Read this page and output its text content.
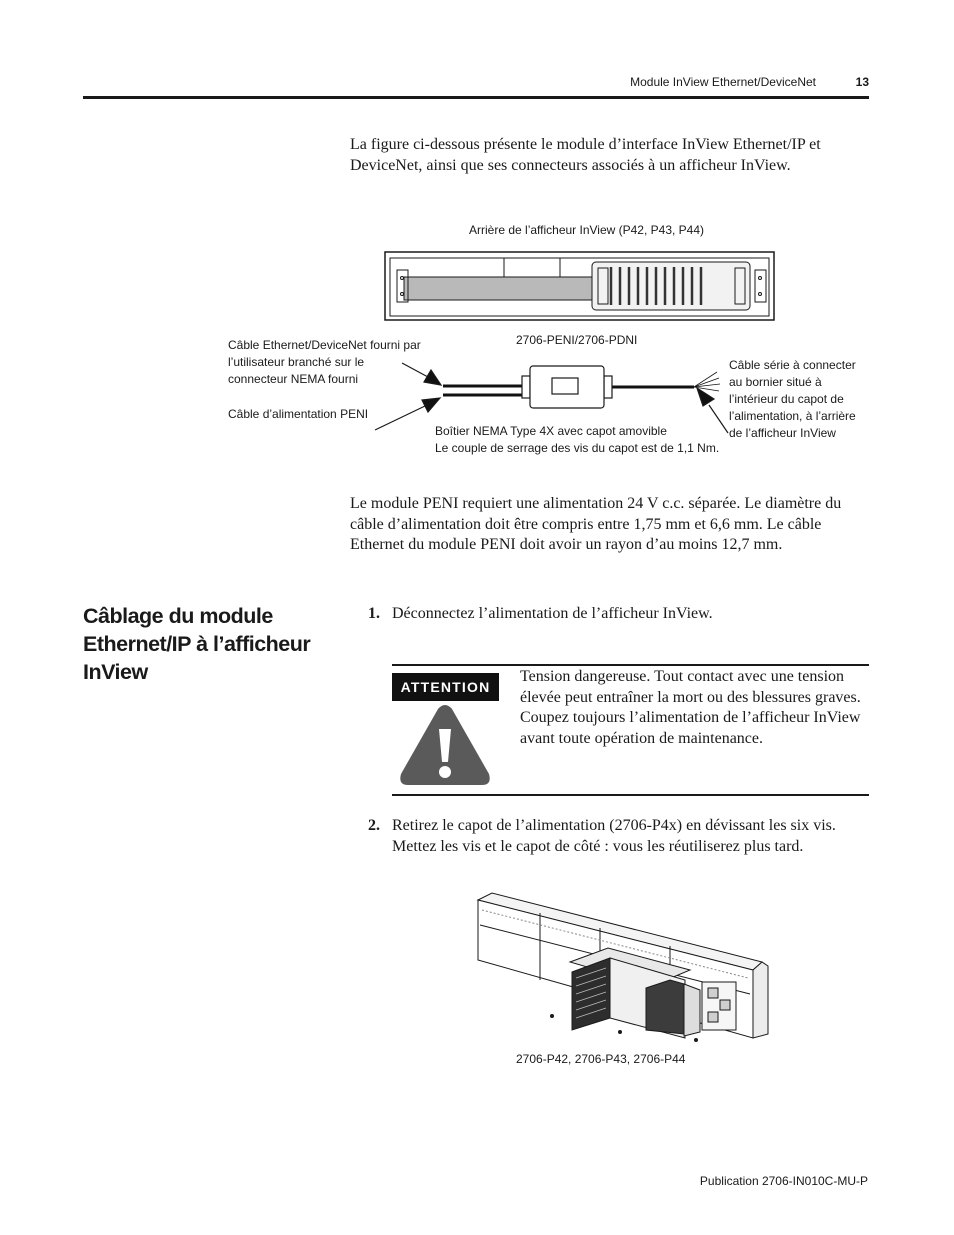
Module InView Ethernet/DeviceNet	13
La figure ci-dessous présente le module d’interface InView Ethernet/IP et DeviceNet, ainsi que ses connecteurs associés à un afficheur InView.
Arrière de l’afficheur InView (P42, P43, P44)
2706-PENI/2706-PDNI
Câble Ethernet/DeviceNet fourni par l’utilisateur branché sur le connecteur NEMA fourni
Câble d’alimentation PENI
Câble série à connecter au bornier situé à l’intérieur du capot de l’alimentation, à l’arrière de l’afficheur InView
Boîtier NEMA Type 4X avec capot amovible
Le couple de serrage des vis du capot est de 1,1 Nm.
Le module PENI requiert une alimentation 24 V c.c. séparée. Le diamètre du câble d’alimentation doit être compris entre 1,75 mm et 6,6 mm. Le câble Ethernet du module PENI doit avoir un rayon d’au moins 12,7 mm.
Câblage du module Ethernet/IP à l’afficheur InView
1. Déconnectez l’alimentation de l’afficheur InView.
ATTENTION
Tension dangereuse. Tout contact avec une tension élevée peut entraîner la mort ou des blessures graves. Coupez toujours l’alimentation de l’afficheur InView avant toute opération de maintenance.
2. Retirez le capot de l’alimentation (2706-P4x) en dévissant les six vis. Mettez les vis et le capot de côté : vous les réutiliserez plus tard.
2706-P42, 2706-P43, 2706-P44
Publication 2706-IN010C-MU-P
